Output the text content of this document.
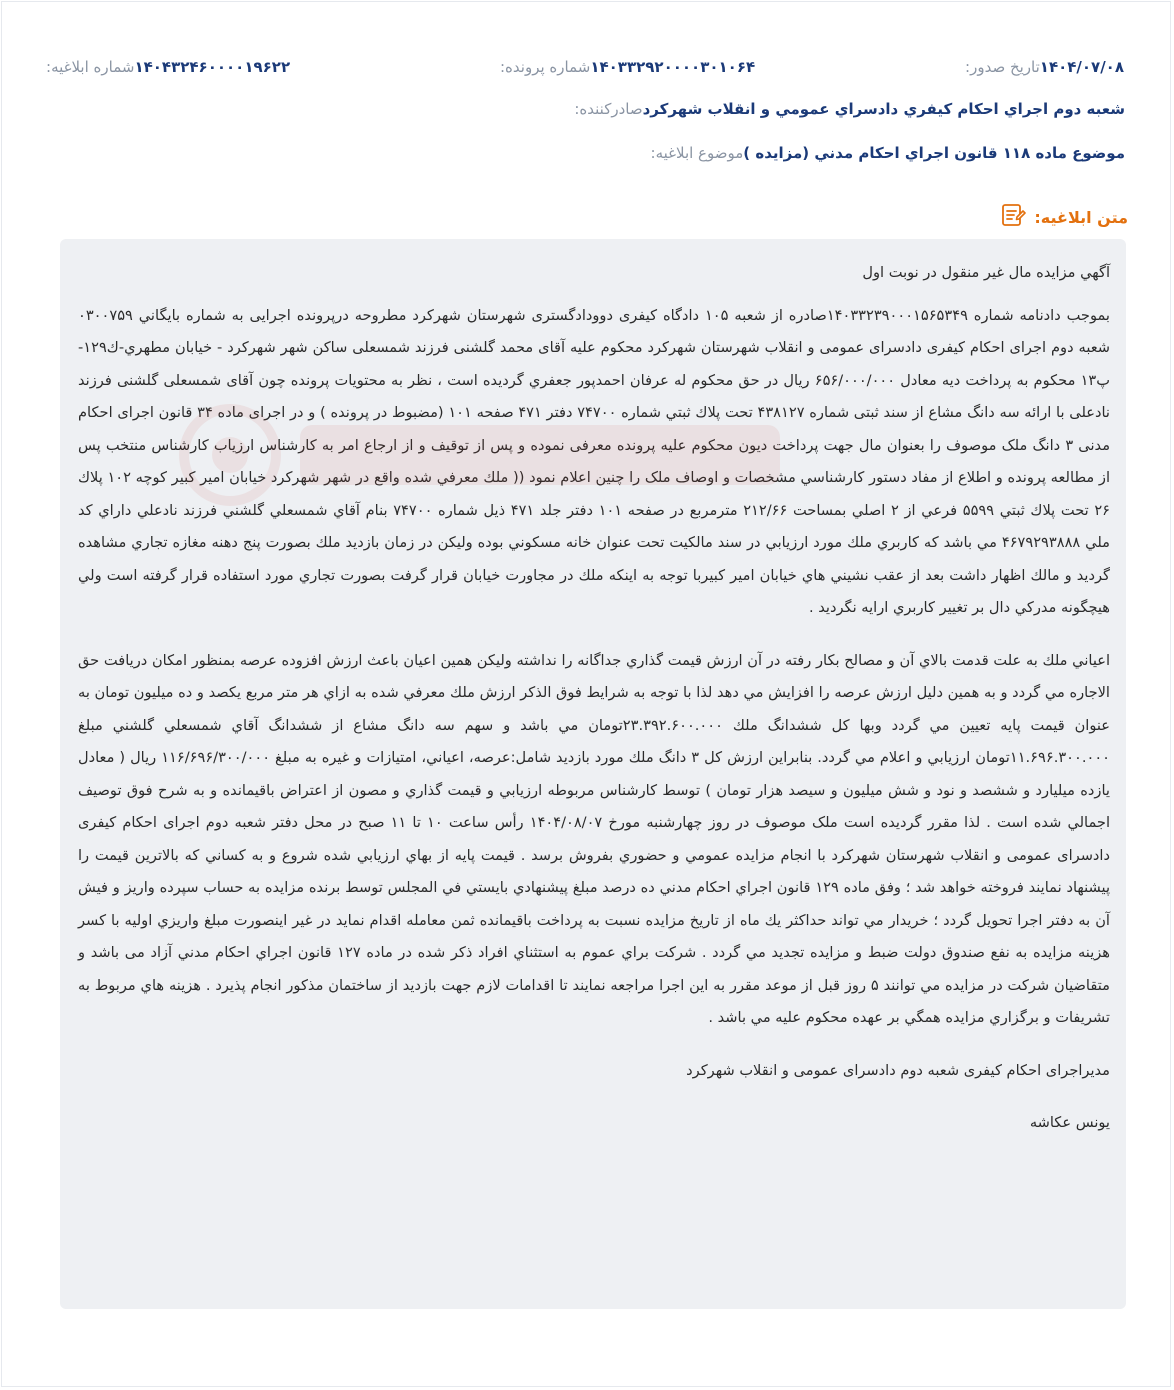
شماره ابلاغیه: ۱۴۰۴۳۲۴۶۰۰۰۰۱۹۶۲۲	شماره پرونده: ۱۴۰۳۳۲۹۲۰۰۰۰۳۰۱۰۶۴	تاریخ صدور: ۱۴۰۴/۰۷/۰۸
صادرکننده: شعبه دوم اجراي احكام كيفري دادسراي عمومي و انقلاب شهركرد
موضوع ابلاغیه: موضوع ماده ۱۱۸ قانون اجراي احكام مدني (مزايده )
متن ابلاغیه:

آگهي مزايده مال غير منقول در نوبت اول

بموجب دادنامه شماره ۱۴۰۳۳۲۳۹۰۰۰۱۵۶۵۳۴۹صادره از شعبه ۱۰۵ دادگاه کیفری دوودادگستری شهرستان شهرکرد مطروحه درپرونده اجرایی به شماره بايگاني ۰۳۰۰۷۵۹ شعبه دوم اجرای احکام کیفری دادسرای عمومی و انقلاب شهرستان شهرکرد محکوم علیه آقای محمد گلشنی فرزند شمسعلی ساکن شهر شهرکرد - خیابان مطهري-ك۱۲۹-پ۱۳ محکوم به پرداخت دیه معادل ۶۵۶/۰۰۰/۰۰۰ ریال در حق محکوم له عرفان احمدپور جعفري گرديده است ، نظر به محتويات پرونده چون آقای شمسعلی گلشنی فرزند نادعلی با ارائه سه دانگ مشاع از سند ثبتی شماره ۴۳۸۱۲۷ تحت پلاك ثبتي شماره ۷۴۷۰۰ دفتر ۴۷۱ صفحه ۱۰۱ (مضبوط در پرونده ) و در اجرای ماده ۳۴ قانون اجرای احکام مدنی ۳ دانگ ملک موصوف را بعنوان مال جهت پرداخت ديون محکوم علیه پرونده معرفی نموده و پس از توقيف و از ارجاع امر به کارشناس ارزياب کارشناس منتخب پس از مطالعه پرونده و اطلاع از مفاد دستور كارشناسي مشخصات و اوصاف ملک را چنین اعلام نمود (( ملك معرفي شده واقع در شهر شهركرد خيابان امير كبير كوچه ۱۰۲ پلاك ۲۶ تحت پلاك ثبتي ۵۵۹۹ فرعي از ۲ اصلي بمساحت ۲۱۲/۶۶ مترمربع در صفحه ۱۰۱ دفتر جلد ۴۷۱ ذيل شماره ۷۴۷۰۰ بنام آقاي شمسعلي گلشني فرزند نادعلي داراي كد ملي ۴۶۷۹۲۹۳۸۸۸ مي باشد كه كاربري ملك مورد ارزيابي در سند مالكيت تحت عنوان خانه مسكوني بوده وليكن در زمان بازديد ملك بصورت پنج دهنه مغازه تجاري مشاهده گرديد و مالك اظهار داشت بعد از عقب نشيني هاي خيابان امير كبيربا توجه به اينكه ملك در مجاورت خيابان قرار گرفت بصورت تجاري مورد استفاده قرار گرفته است ولي هيچگونه مدركي دال بر تغيير كاربري ارايه نگرديد .

اعياني ملك به علت قدمت بالاي آن و مصالح بكار رفته در آن ارزش قيمت گذاري جداگانه را نداشته وليكن همين اعيان باعث ارزش افزوده عرصه بمنظور امكان دريافت حق الاجاره مي گردد و به همين دليل ارزش عرصه را افزايش مي دهد لذا با توجه به شرايط فوق الذكر ارزش ملك معرفي شده به ازاي هر متر مربع يكصد و ده ميليون تومان به عنوان قيمت پايه تعيين مي گردد وبها كل ششدانگ ملك ۲۳.۳۹۲.۶۰۰.۰۰۰تومان مي باشد و سهم سه دانگ مشاع از ششدانگ آقاي شمسعلي گلشني مبلغ ۱۱.۶۹۶.۳۰۰.۰۰۰تومان ارزيابي و اعلام مي گردد. بنابراين ارزش كل ۳ دانگ ملك مورد بازديد شامل:عرصه، اعياني، امتيازات و غيره به مبلغ ۱۱۶/۶۹۶/۳۰۰/۰۰۰ ريال ( معادل يازده ميليارد و ششصد و نود و شش ميليون و سيصد هزار تومان ) توسط كارشناس مربوطه ارزيابي و قيمت گذاري و مصون از اعتراض باقيمانده و به شرح فوق توصيف اجمالي شده است . لذا مقرر گرديده است ملک موصوف در روز چهارشنبه مورخ ۱۴۰۴/۰۸/۰۷ رأس ساعت ۱۰ تا ۱۱ صبح در محل دفتر شعبه دوم اجرای احکام کیفری دادسرای عمومی و انقلاب شهرستان شهرکرد با انجام مزايده عمومي و حضوري بفروش برسد . قيمت پايه از بهاي ارزيابي شده شروع و به كساني كه بالاترين قيمت را پيشنهاد نمايند فروخته خواهد شد ؛ وفق ماده ۱۲۹ قانون اجراي احكام مدني ده درصد مبلغ پيشنهادي بايستي في المجلس توسط برنده مزايده به حساب سپرده واريز و فيش آن به دفتر اجرا تحويل گردد ؛ خريدار مي تواند حداكثر يك ماه از تاريخ مزايده نسبت به پرداخت باقيمانده ثمن معامله اقدام نمايد در غير اينصورت مبلغ واريزي اوليه با كسر هزينه مزايده به نفع صندوق دولت ضبط و مزايده تجديد مي گردد . شركت براي عموم به استثناي افراد ذكر شده در ماده ۱۲۷ قانون اجراي احكام مدني آزاد می باشد و متقاضيان شركت در مزايده مي توانند ۵ روز قبل از موعد مقرر به اين اجرا مراجعه نمايند تا اقدامات لازم جهت بازديد از ساختمان مذكور انجام پذيرد . هزينه هاي مربوط به تشريفات و برگزاري مزايده همگي بر عهده محكوم عليه مي باشد .

مدیراجرای احکام کیفری شعبه دوم دادسرای عمومی و انقلاب شهرکرد

یونس عکاشه
